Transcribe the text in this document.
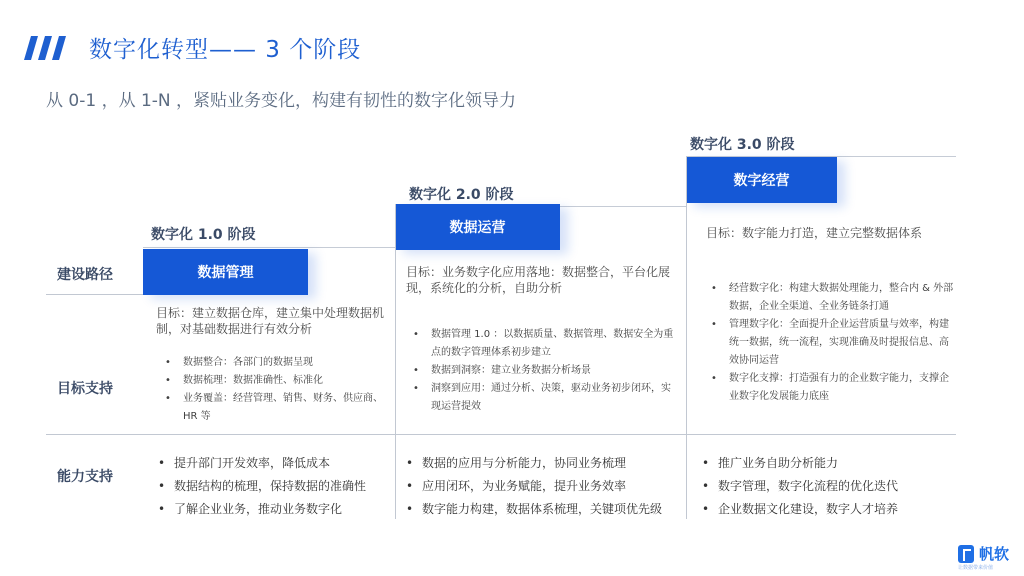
数字化转型—— 3 个阶段
从 0-1 ，从 1-N ，紧贴业务变化，构建有韧性的数字化领导力
数字化 1.0 阶段
数据管理
数字化 2.0 阶段
数据运营
数字化 3.0 阶段
数字经营
建设路径
目标支持
能力支持
目标：建立数据仓库，建立集中处理数据机制，对基础数据进行有效分析
目标：业务数字化应用落地：数据整合，平台化展现，系统化的分析，自助分析
目标：数字能力打造，建立完整数据体系
• 数据整合：各部门的数据呈现
• 数据梳理：数据准确性、标准化
• 业务覆盖：经营管理、销售、财务、供应商、HR 等
• 数据管理 1.0 ：以数据质量、数据管理、数据安全为重点的数字管理体系初步建立
• 数据到洞察：建立业务数据分析场景
• 洞察到应用：通过分析、决策，驱动业务初步闭环，实现运营提效
• 经营数字化：构建大数据处理能力，整合内 & 外部数据，企业全渠道、全业务链条打通
• 管理数字化：全面提升企业运营质量与效率，构建统一数据，统一流程，实现准确及时提报信息、高效协同运营
• 数字化支撑：打造强有力的企业数字能力，支撑企业数字化发展能力底座
• 提升部门开发效率，降低成本
• 数据结构的梳理，保持数据的准确性
• 了解企业业务，推动业务数字化
• 数据的应用与分析能力，协同业务梳理
• 应用闭环，为业务赋能，提升业务效率
• 数字能力构建，数据体系梳理，关键项优先级
• 推广业务自助分析能力
• 数字管理，数字化流程的优化迭代
• 企业数据文化建设，数字人才培养
帆软
让数据带来价值
